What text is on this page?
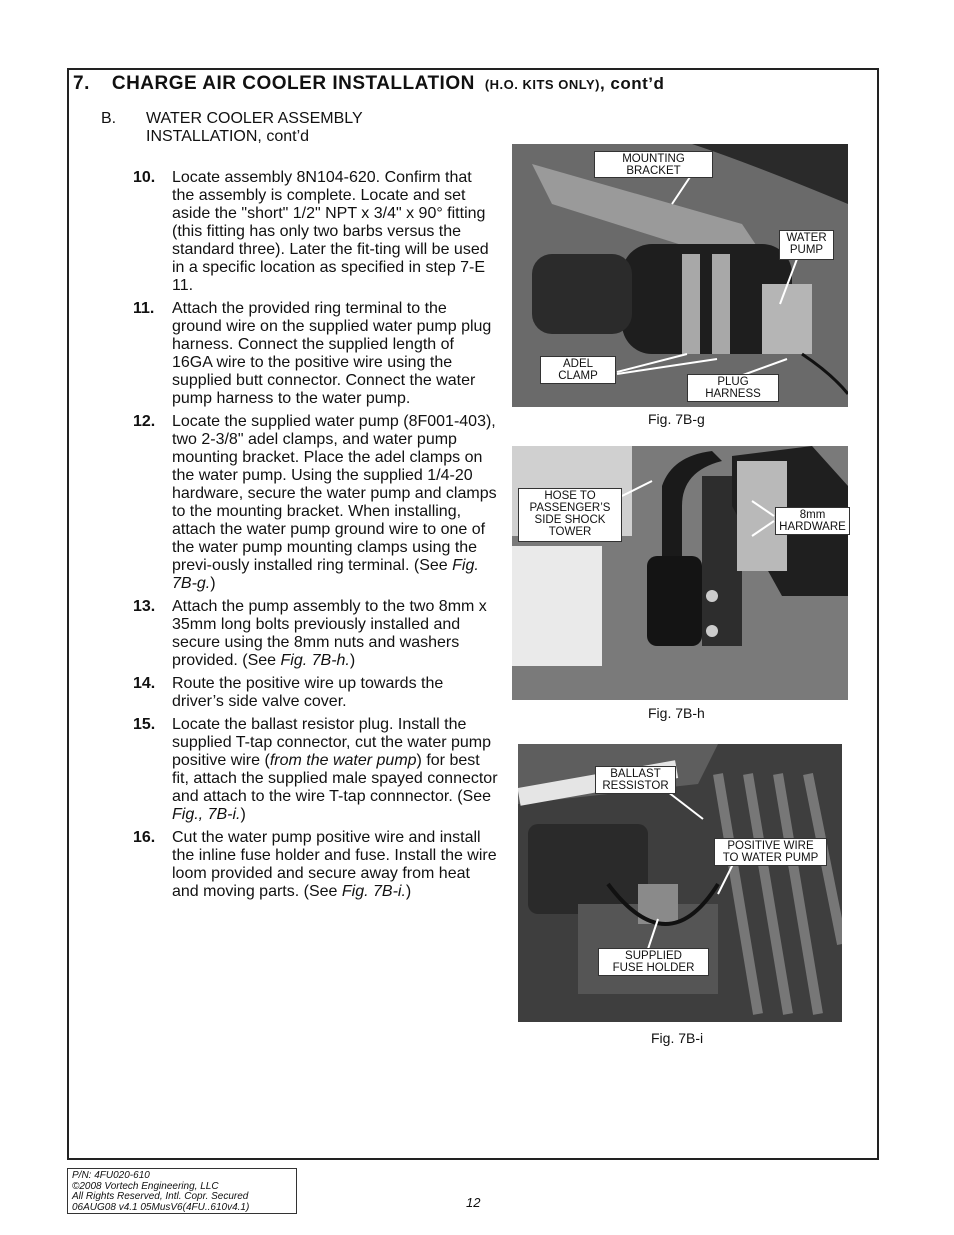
7. CHARGE AIR COOLER INSTALLATION (H.O. KITS ONLY), cont’d
B. WATER COOLER ASSEMBLY INSTALLATION, cont’d
10. Locate assembly 8N104-620. Confirm that the assembly is complete. Locate and set aside the "short" 1/2" NPT x 3/4" x 90° fitting (this fitting has only two barbs versus the standard three). Later the fit-ting will be used in a specific location as specified in step 7-E 11.
11. Attach the provided ring terminal to the ground wire on the supplied water pump plug harness. Connect the supplied length of 16GA wire to the positive wire using the supplied butt connector. Connect the water pump harness to the water pump.
12. Locate the supplied water pump (8F001-403), two 2-3/8" adel clamps, and water pump mounting bracket. Place the adel clamps on the water pump. Using the supplied 1/4-20 hardware, secure the water pump and clamps to the mounting bracket. When installing, attach the water pump ground wire to one of the water pump mounting clamps using the previ-ously installed ring terminal. (See Fig. 7B-g.)
13. Attach the pump assembly to the two 8mm x 35mm long bolts previously installed and secure using the 8mm nuts and washers provided. (See Fig. 7B-h.)
14. Route the positive wire up towards the driver’s side valve cover.
15. Locate the ballast resistor plug. Install the supplied T-tap connector, cut the water pump positive wire (from the water pump) for best fit, attach the supplied male spayed connector and attach to the wire T-tap connnector. (See Fig., 7B-i.)
16. Cut the water pump positive wire and install the inline fuse holder and fuse. Install the wire loom provided and secure away from heat and moving parts. (See Fig. 7B-i.)
MOUNTING
BRACKET
WATER
PUMP
ADEL
CLAMP	PLUG
HARNESS
Fig. 7B-g
HOSE TO
PASSENGER’S
SIDE SHOCK
TOWER
8mm
HARDWARE
Fig. 7B-h
BALLAST
RESSISTOR
POSITIVE WIRE
TO WATER PUMP
SUPPLIED
FUSE HOLDER
Fig. 7B-i
P/N: 4FU020-610
©2008 Vortech Engineering, LLC
All Rights Reserved, Intl. Copr. Secured
06AUG08 v4.1 05MusV6(4FU..610v4.1)	12
